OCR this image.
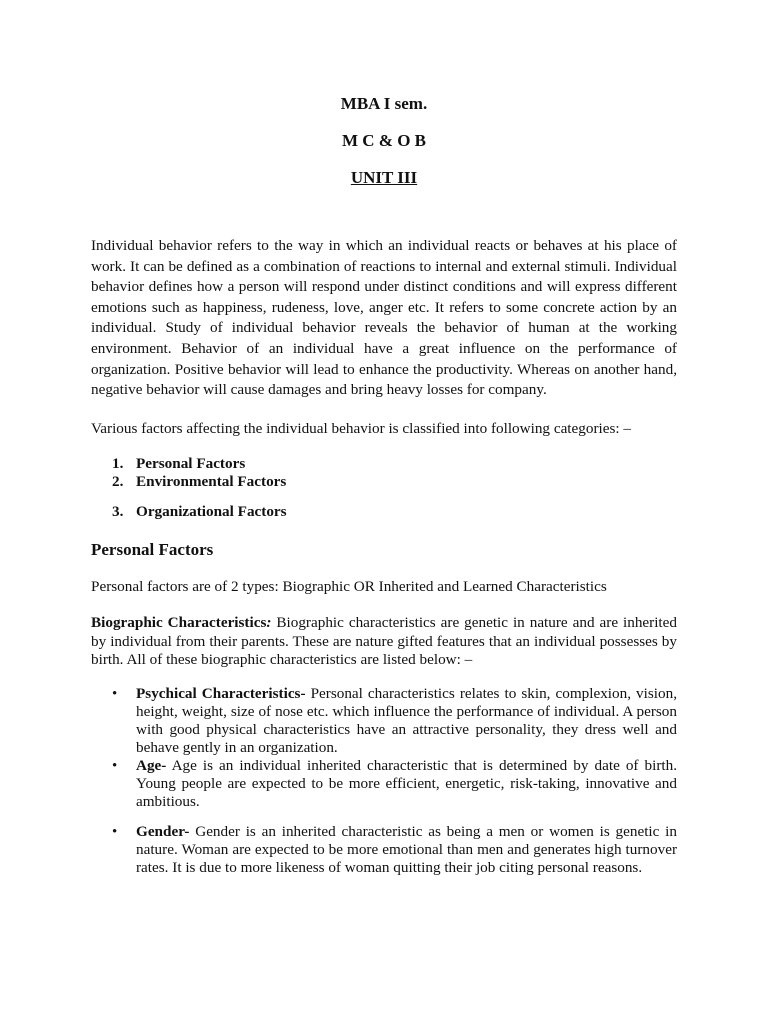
MBA I sem.

M C & O B

UNIT III

Individual behavior refers to the way in which an individual reacts or behaves at his place of work. It can be defined as a combination of reactions to internal and external stimuli. Individual behavior defines how a person will respond under distinct conditions and will express different emotions such as happiness, rudeness, love, anger etc. It refers to some concrete action by an individual. Study of individual behavior reveals the behavior of human at the working environment. Behavior of an individual have a great influence on the performance of organization. Positive behavior will lead to enhance the productivity. Whereas on another hand, negative behavior will cause damages and bring heavy losses for company.

Various factors affecting the individual behavior is classified into following categories: –

1. Personal Factors
2. Environmental Factors
3. Organizational Factors
Personal Factors

Personal factors are of 2 types: Biographic OR Inherited and Learned Characteristics

Biographic Characteristics: Biographic characteristics are genetic in nature and are inherited by individual from their parents. These are nature gifted features that an individual possesses by birth. All of these biographic characteristics are listed below: –

• Psychical Characteristics- Personal characteristics relates to skin, complexion, vision, height, weight, size of nose etc. which influence the performance of individual. A person with good physical characteristics have an attractive personality, they dress well and behave gently in an organization.
• Age- Age is an individual inherited characteristic that is determined by date of birth. Young people are expected to be more efficient, energetic, risk-taking, innovative and ambitious.
• Gender- Gender is an inherited characteristic as being a men or women is genetic in nature. Woman are expected to be more emotional than men and generates high turnover rates. It is due to more likeness of woman quitting their job citing personal reasons.
